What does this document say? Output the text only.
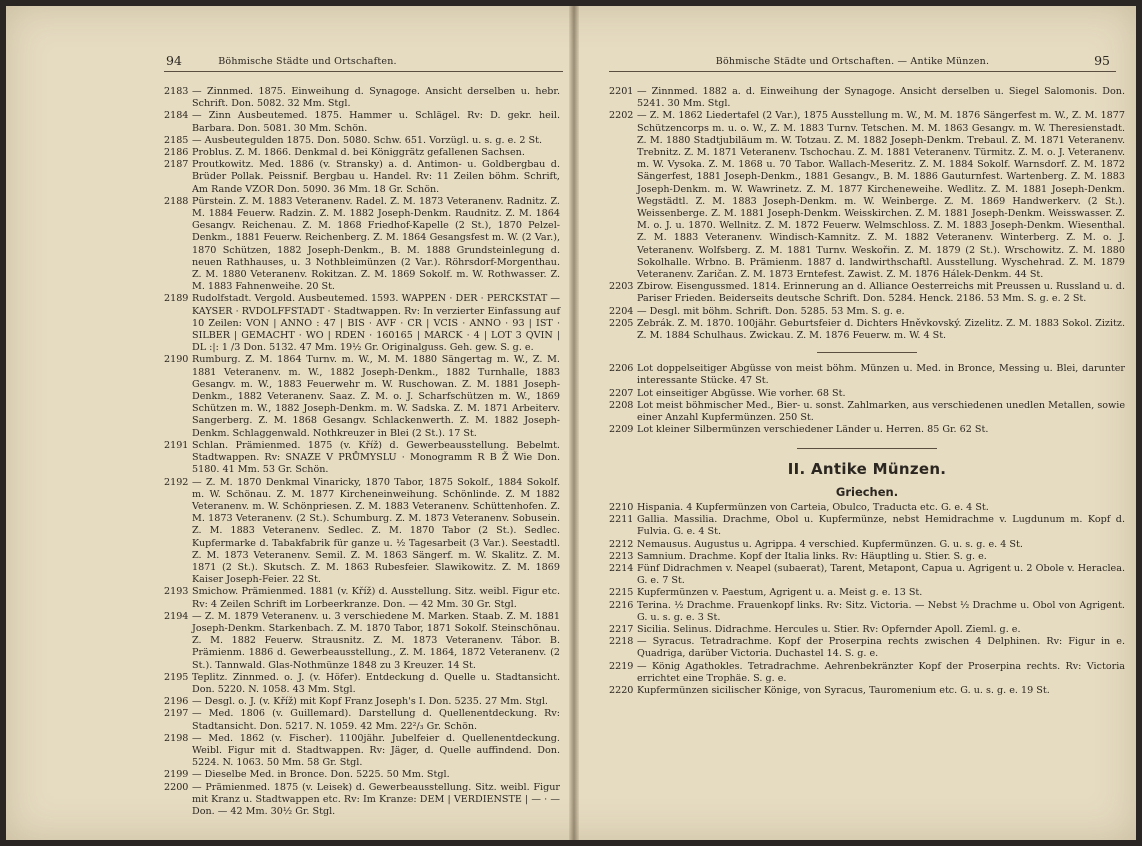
94	Böhmische Städte und Ortschaften.
2183 — Zinnmed. 1875. Einweihung d. Synagoge. Ansicht derselben u. hebr. Schrift. Don. 5082. 32 Mm. Stgl.
2184 — Zinn Ausbeutemed. 1875. Hammer u. Schlägel. Rv: D. gekr. heil. Barbara. Don. 5081. 30 Mm. Schön.
2185 — Ausbeutegulden 1875. Don. 5080. Schw. 651. Vorzügl. u. s. g. e. 2 St.
2186 Problus. Z. M. 1866. Denkmal d. bei Königgrätz gefallenen Sachsen.
2187 Proutkowitz. Med. 1886 (v. Stransky) a. d. Antimon- u. Goldbergbau d. Brüder Pollak. Peissnif. Bergbau u. Handel. Rv: 11 Zeilen böhm. Schrift, Am Rande VZOR Don. 5090. 36 Mm. 18 Gr. Schön.
2188 Pürstein. Z. M. 1883 Veteranenv. Radel. Z. M. 1873 Veteranenv. Radnitz. Z. M. 1884 Feuerw. Radzin. Z. M. 1882 Joseph-Denkm. Raudnitz. Z. M. 1864 Gesangv. Reichenau. Z. M. 1868 Friedhof-Kapelle (2 St.), 1870 Pelzel-Denkm., 1881 Feuerw. Reichenberg. Z. M. 1864 Gesangsfest m. W. (2 Var.), 1870 Schützen, 1882 Joseph-Denkm., B. M. 1888 Grundsteinlegung d. neuen Rathhauses, u. 3 Nothbleimünzen (2 Var.). Röhrsdorf-Morgenthau. Z. M. 1880 Veteranenv. Rokitzan. Z. M. 1869 Sokolf. m. W. Rothwasser. Z. M. 1883 Fahnenweihe. 20 St.
2189 Rudolfstadt. Vergold. Ausbeutemed. 1593. WAPPEN · DER · PERCKSTAT — KAYSER · RVDOLFFSTADT · Stadtwappen. Rv: In verzierter Einfassung auf 10 Zeilen: VON | ANNO : 47 | BIS · AVF · CR | VCIS · ANNO · 93 | IST · SILBER | GEMACHT · WO | RDEN · 160165 | MARCK · 4 | LOT 3 QVIN | DL :|: 1 /3 Don. 5132. 47 Mm. 19½ Gr. Originalguss. Geh. gew. S. g. e.
2190 Rumburg. Z. M. 1864 Turnv. m. W., M. M. 1880 Sängertag m. W., Z. M. 1881 Veteranenv. m. W., 1882 Joseph-Denkm., 1882 Turnhalle, 1883 Gesangv. m. W., 1883 Feuerwehr m. W. Ruschowan. Z. M. 1881 Joseph-Denkm., 1882 Veteranenv. Saaz. Z. M. o. J. Scharfschützen m. W., 1869 Schützen m. W., 1882 Joseph-Denkm. m. W. Sadska. Z. M. 1871 Arbeiterv. Sangerberg. Z. M. 1868 Gesangv. Schlackenwerth. Z. M. 1882 Joseph-Denkm. Schlaggenwald. Nothkreuzer in Blei (2 St.). 17 St.
2191 Schlan. Prämienmed. 1875 (v. Kříž) d. Gewerbeausstellung. Bebelmt. Stadtwappen. Rv: SNAZE V PRŮMYSLU · Monogramm R B Ž Wie Don. 5180. 41 Mm. 53 Gr. Schön.
2192 — Z. M. 1870 Denkmal Vinaricky, 1870 Tabor, 1875 Sokolf., 1884 Sokolf. m. W. Schönau. Z. M. 1877 Kircheneinweihung. Schönlinde. Z. M 1882 Veteranenv. m. W. Schönpriesen. Z. M. 1883 Veteranenv. Schüttenhofen. Z. M. 1873 Veteranenv. (2 St.). Schumburg. Z. M. 1873 Veteranenv. Sobusein. Z. M. 1883 Veteranenv. Sedlec. Z. M. 1870 Tabor (2 St.). Sedlec. Kupfermarke d. Tabakfabrik für ganze u. ½ Tagesarbeit (3 Var.). Seestadtl. Z. M. 1873 Veteranenv. Semil. Z. M. 1863 Sängerf. m. W. Skalitz. Z. M. 1871 (2 St.). Skutsch. Z. M. 1863 Rubesfeier. Slawikowitz. Z. M. 1869 Kaiser Joseph-Feier. 22 St.
2193 Smichow. Prämienmed. 1881 (v. Kříž) d. Ausstellung. Sitz. weibl. Figur etc. Rv: 4 Zeilen Schrift im Lorbeerkranze. Don. — 42 Mm. 30 Gr. Stgl.
2194 — Z. M. 1879 Veteranenv. u. 3 verschiedene M. Marken. Staab. Z. M. 1881 Joseph-Denkm. Starkenbach. Z. M. 1870 Tabor, 1871 Sokolf. Steinschönau. Z. M. 1882 Feuerw. Strausnitz. Z. M. 1873 Veteranenv. Tábor. B. Prämienm. 1886 d. Gewerbeausstellung., Z. M. 1864, 1872 Veteranenv. (2 St.). Tannwald. Glas-Nothmünze 1848 zu 3 Kreuzer. 14 St.
2195 Teplitz. Zinnmed. o. J. (v. Höfer). Entdeckung d. Quelle u. Stadtansicht. Don. 5220. N. 1058. 43 Mm. Stgl.
2196 — Desgl. o. J. (v. Kříž) mit Kopf Franz Joseph's I. Don. 5235. 27 Mm. Stgl.
2197 — Med. 1806 (v. Guillemard). Darstellung d. Quellenentdeckung. Rv: Stadtansicht. Don. 5217. N. 1059. 42 Mm. 22²/₃ Gr. Schön.
2198 — Med. 1862 (v. Fischer). 1100jähr. Jubelfeier d. Quellenentdeckung. Weibl. Figur mit d. Stadtwappen. Rv: Jäger, d. Quelle auffindend. Don. 5224. N. 1063. 50 Mm. 58 Gr. Stgl.
2199 — Dieselbe Med. in Bronce. Don. 5225. 50 Mm. Stgl.
2200 — Prämienmed. 1875 (v. Leisek) d. Gewerbeausstellung. Sitz. weibl. Figur mit Kranz u. Stadtwappen etc. Rv: Im Kranze: DEM | VERDIENSTE | — · — Don. — 42 Mm. 30½ Gr. Stgl.
Böhmische Städte und Ortschaften. — Antike Münzen.	95
2201 — Zinnmed. 1882 a. d. Einweihung der Synagoge. Ansicht derselben u. Siegel Salomonis. Don. 5241. 30 Mm. Stgl.
2202 — Z. M. 1862 Liedertafel (2 Var.), 1875 Ausstellung m. W., M. M. 1876 Sängerfest m. W., Z. M. 1877 Schützencorps m. u. o. W., Z. M. 1883 Turnv. Tetschen. M. M. 1863 Gesangv. m. W. Theresienstadt. Z. M. 1880 Stadtjubiläum m. W. Totzau. Z. M. 1882 Joseph-Denkm. Trebaul. Z. M. 1871 Veteranenv. Trebnitz. Z. M. 1871 Veteranenv. Tschochau. Z. M. 1881 Veteranenv. Türmitz. Z. M. o. J. Veteranenv. m. W. Vysoka. Z. M. 1868 u. 70 Tabor. Wallach-Meseritz. Z. M. 1884 Sokolf. Warnsdorf. Z. M. 1872 Sängerfest, 1881 Joseph-Denkm., 1881 Gesangv., B. M. 1886 Gauturnfest. Wartenberg. Z. M. 1883 Joseph-Denkm. m. W. Wawrinetz. Z. M. 1877 Kircheneweihe. Wedlitz. Z. M. 1881 Joseph-Denkm. Wegstädtl. Z. M. 1883 Joseph-Denkm. m. W. Weinberge. Z. M. 1869 Handwerkerv. (2 St.). Weissenberge. Z. M. 1881 Joseph-Denkm. Weisskirchen. Z. M. 1881 Joseph-Denkm. Weisswasser. Z. M. o. J. u. 1870. Wellnitz. Z. M. 1872 Feuerw. Welmschloss. Z. M. 1883 Joseph-Denkm. Wiesenthal. Z. M. 1883 Veteranenv. Windisch-Kamnitz. Z. M. 1882 Veteranenv. Winterberg. Z. M. o. J. Veteranenv. Wolfsberg. Z. M. 1881 Turnv. Weskořin. Z. M. 1879 (2 St.). Wrschowitz. Z. M. 1880 Sokolhalle. Wrbno. B. Prämienm. 1887 d. landwirthschaftl. Ausstellung. Wyschehrad. Z. M. 1879 Veteranenv. Zaričan. Z. M. 1873 Erntefest. Zawist. Z. M. 1876 Hálek-Denkm. 44 St.
2203 Zbirow. Eisengussmed. 1814. Erinnerung an d. Alliance Oesterreichs mit Preussen u. Russland u. d. Pariser Frieden. Beiderseits deutsche Schrift. Don. 5284. Henck. 2186. 53 Mm. S. g. e. 2 St.
2204 — Desgl. mit böhm. Schrift. Don. 5285. 53 Mm. S. g. e.
2205 Zebrák. Z. M. 1870. 100jähr. Geburtsfeier d. Dichters Hněvkovský. Zizelitz. Z. M. 1883 Sokol. Zizitz. Z. M. 1884 Schulhaus. Zwickau. Z. M. 1876 Feuerw. m. W. 4 St.
2206 Lot doppelseitiger Abgüsse von meist böhm. Münzen u. Med. in Bronce, Messing u. Blei, darunter interessante Stücke. 47 St.
2207 Lot einseitiger Abgüsse. Wie vorher. 68 St.
2208 Lot meist böhmischer Med., Bier- u. sonst. Zahlmarken, aus verschiedenen unedlen Metallen, sowie einer Anzahl Kupfermünzen. 250 St.
2209 Lot kleiner Silbermünzen verschiedener Länder u. Herren. 85 Gr. 62 St.
II. Antike Münzen.
Griechen.
2210 Hispania. 4 Kupfermünzen von Carteia, Obulco, Traducta etc. G. e. 4 St.
2211 Gallia. Massilia. Drachme, Obol u. Kupfermünze, nebst Hemidrachme v. Lugdunum m. Kopf d. Fulvia. G. e. 4 St.
2212 Nemausus. Augustus u. Agrippa. 4 verschied. Kupfermünzen. G. u. s. g. e. 4 St.
2213 Samnium. Drachme. Kopf der Italia links. Rv: Häuptling u. Stier. S. g. e.
2214 Fünf Didrachmen v. Neapel (subaerat), Tarent, Metapont, Capua u. Agrigent u. 2 Obole v. Heraclea. G. e. 7 St.
2215 Kupfermünzen v. Paestum, Agrigent u. a. Meist g. e. 13 St.
2216 Terina. ½ Drachme. Frauenkopf links. Rv: Sitz. Victoria. — Nebst ½ Drachme u. Obol von Agrigent. G. u. s. g. e. 3 St.
2217 Sicilia. Selinus. Didrachme. Hercules u. Stier. Rv: Opfernder Apoll. Zieml. g. e.
2218 — Syracus. Tetradrachme. Kopf der Proserpina rechts zwischen 4 Delphinen. Rv: Figur in e. Quadriga, darüber Victoria. Duchastel 14. S. g. e.
2219 — König Agathokles. Tetradrachme. Aehrenbekränzter Kopf der Proserpina rechts. Rv: Victoria errichtet eine Trophäe. S. g. e.
2220 Kupfermünzen sicilischer Könige, von Syracus, Tauromenium etc. G. u. s. g. e. 19 St.
